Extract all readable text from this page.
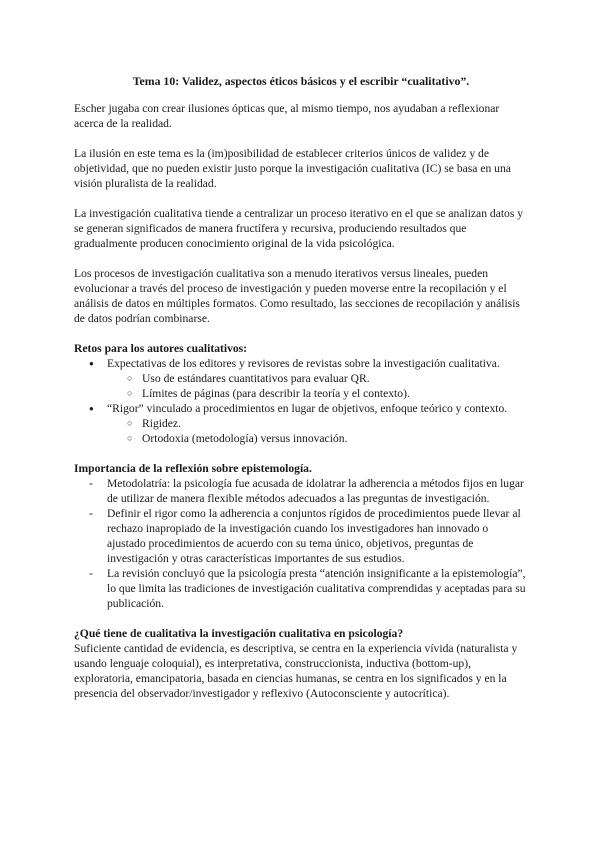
Tema 10: Validez, aspectos éticos básicos y el escribir “cualitativo”.

Escher jugaba con crear ilusiones ópticas que, al mismo tiempo, nos ayudaban a reflexionar acerca de la realidad.

La ilusión en este tema es la (im)posibilidad de establecer criterios únicos de validez y de objetividad, que no pueden existir justo porque la investigación cualitativa (IC) se basa en una visión pluralista de la realidad.

La investigación cualitativa tiende a centralizar un proceso iterativo en el que se analizan datos y se generan significados de manera fructífera y recursiva, produciendo resultados que gradualmente producen conocimiento original de la vida psicológica.

Los procesos de investigación cualitativa son a menudo iterativos versus lineales, pueden evolucionar a través del proceso de investigación y pueden moverse entre la recopilación y el análisis de datos en múltiples formatos. Como resultado, las secciones de recopilación y análisis de datos podrían combinarse.

Retos para los autores cualitativos:
● Expectativas de los editores y revisores de revistas sobre la investigación cualitativa.
○ Uso de estándares cuantitativos para evaluar QR.
○ Límites de páginas (para describir la teoría y el contexto).
● “Rigor” vinculado a procedimientos en lugar de objetivos, enfoque teórico y contexto.
○ Rigidez.
○ Ortodoxia (metodología) versus innovación.
Importancia de la reflexión sobre epistemología.
- Metodolatría: la psicología fue acusada de idolatrar la adherencia a métodos fijos en lugar de utilizar de manera flexible métodos adecuados a las preguntas de investigación.
- Definir el rigor como la adherencia a conjuntos rígidos de procedimientos puede llevar al rechazo inapropiado de la investigación cuando los investigadores han innovado o ajustado procedimientos de acuerdo con su tema único, objetivos, preguntas de investigación y otras características importantes de sus estudios.
- La revisión concluyó que la psicología presta “atención insignificante a la epistemología”, lo que limita las tradiciones de investigación cualitativa comprendidas y aceptadas para su publicación.
¿Qué tiene de cualitativa la investigación cualitativa en psicología?

Suficiente cantidad de evidencia, es descriptiva, se centra en la experiencia vívida (naturalista y usando lenguaje coloquial), es interpretativa, construccionista, inductiva (bottom-up), exploratoria, emancipatoria, basada en ciencias humanas, se centra en los significados y en la presencia del observador/investigador y reflexivo (Autoconsciente y autocrítica).
